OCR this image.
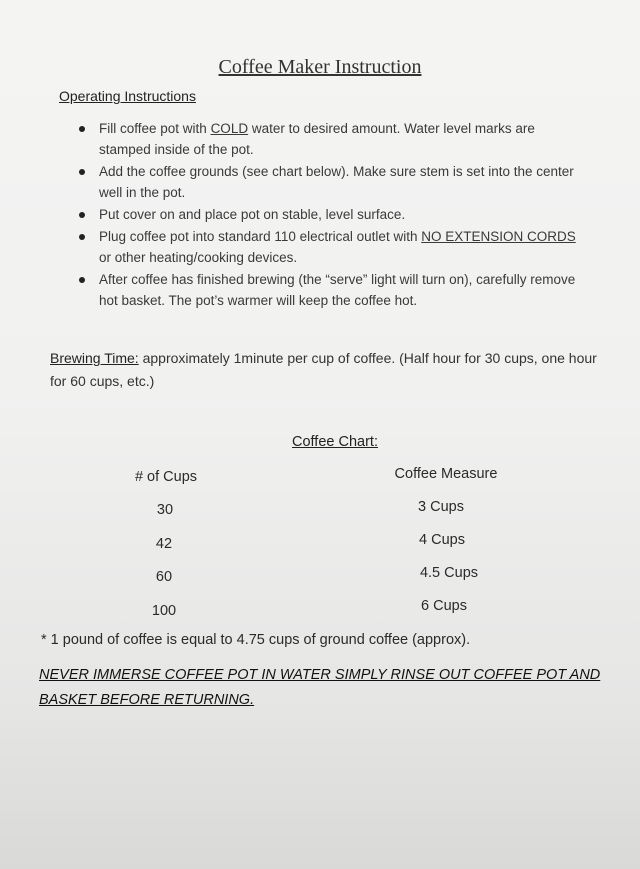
Coffee Maker Instruction
Operating Instructions
Fill coffee pot with COLD water to desired amount. Water level marks are stamped inside of the pot.
Add the coffee grounds (see chart below). Make sure stem is set into the center well in the pot.
Put cover on and place pot on stable, level surface.
Plug coffee pot into standard 110 electrical outlet with NO EXTENSION CORDS or other heating/cooking devices.
After coffee has finished brewing (the “serve” light will turn on), carefully remove hot basket. The pot’s warmer will keep the coffee hot.
Brewing Time: approximately 1minute per cup of coffee. (Half hour for 30 cups, one hour for 60 cups, etc.)
Coffee Chart:
# of Cups	Coffee Measure
30	3 Cups
42	4 Cups
60	4.5 Cups
100	6 Cups
* 1 pound of coffee is equal to 4.75 cups of ground coffee (approx).
NEVER IMMERSE COFFEE POT IN WATER SIMPLY RINSE OUT COFFEE POT AND BASKET BEFORE RETURNING.
